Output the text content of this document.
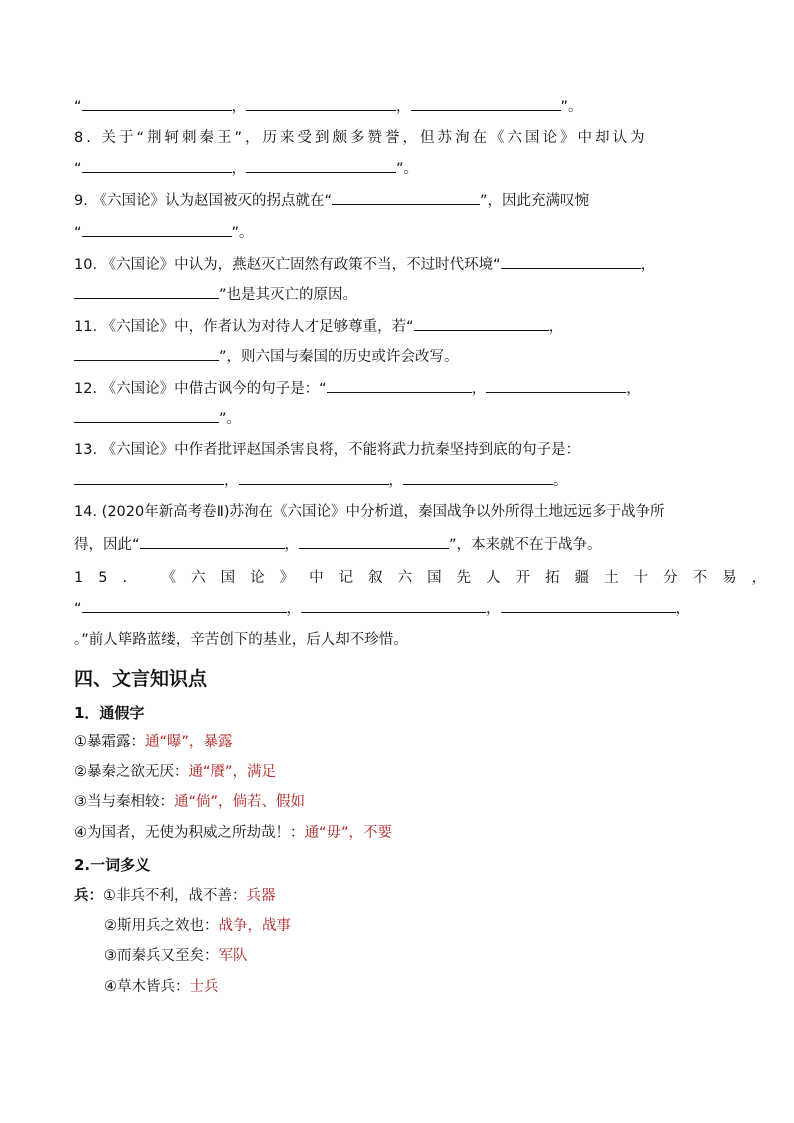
“	，	，	”。
8. 关于“荆轲刺秦王”，历来受到颇多赞誉，但苏洵在《六国论》中却认为
“	，	”。
9. 《六国论》认为赵国被灭的拐点就在“	”，因此充满叹惋
“	”。
10. 《六国论》中认为，燕赵灭亡固然有政策不当，不过时代环境“	，
”也是其灭亡的原因。
11. 《六国论》中，作者认为对待人才足够尊重，若“	，
”，则六国与秦国的历史或许会改写。
12. 《六国论》中借古讽今的句子是：“	，	，
”。
13. 《六国论》中作者批评赵国杀害良将，不能将武力抗秦坚持到底的句子是：
，	，	。
14. (2020年新高考卷Ⅱ)苏洵在《六国论》中分析道，秦国战争以外所得土地远远多于战争所
得，因此“	，	”，本来就不在于战争。
15. 《六国论》中记叙六国先人开拓疆土十分不易，
“	，	，	，
。”前人筚路蓝缕，辛苦创下的基业，后人却不珍惜。
四、文言知识点
1．通假字
①暴霜露：通“曝”，暴露
②暴秦之欲无厌：通“餍”，满足
③当与秦相较：通“倘”，倘若、假如
④为国者，无使为积威之所劫哉！：通“毋”，不要
2.一词多义
兵：①非兵不利，战不善：兵器
②斯用兵之效也：战争，战事
③而秦兵又至矣：军队
④草木皆兵：士兵
